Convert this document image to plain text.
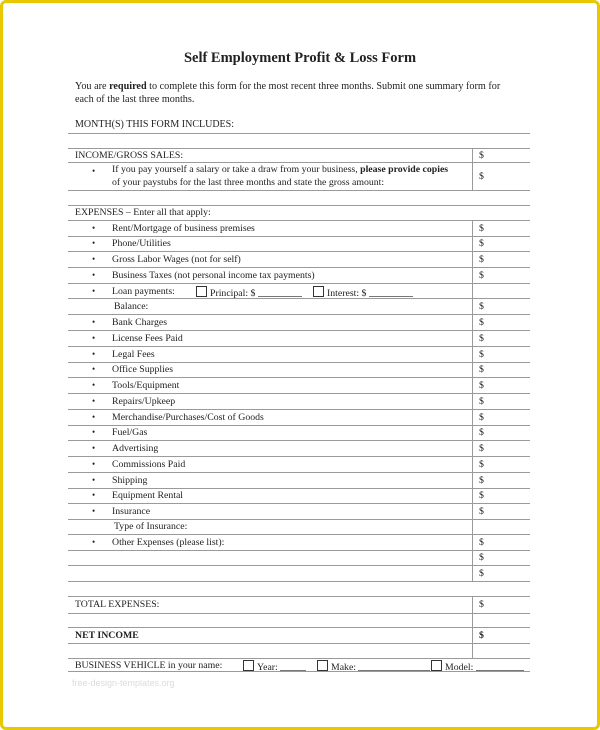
Self Employment Profit & Loss Form
You are required to complete this form for the most recent three months. Submit one summary form for each of the last three months.
MONTH(S) THIS FORM INCLUDES:
INCOME/GROSS SALES:	$
• If you pay yourself a salary or take a draw from your business, please provide copies of your paystubs for the last three months and state the gross amount:	$
EXPENSES – Enter all that apply:
• Rent/Mortgage of business premises	$
• Phone/Utilities	$
• Gross Labor Wages (not for self)	$
• Business Taxes (not personal income tax payments)	$
• Loan payments:	Principal: $	Interest: $
Balance:	$
• Bank Charges	$
• License Fees Paid	$
• Legal Fees	$
• Office Supplies	$
• Tools/Equipment	$
• Repairs/Upkeep	$
• Merchandise/Purchases/Cost of Goods	$
• Fuel/Gas	$
• Advertising	$
• Commissions Paid	$
• Shipping	$
• Equipment Rental	$
• Insurance	$
Type of Insurance:
• Other Expenses (please list):	$
$
$
TOTAL EXPENSES:	$
NET INCOME	$
BUSINESS VEHICLE in your name:	Year:	Make:	Model:
free-design-templates.org
